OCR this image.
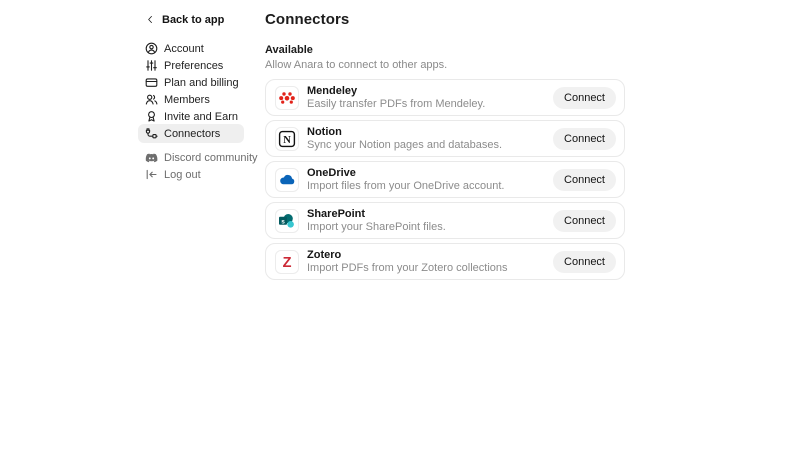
Back to app
Account
Preferences
Plan and billing
Members
Invite and Earn
Connectors
Discord community
Log out
Connectors
Available
Allow Anara to connect to other apps.
Mendeley
Easily transfer PDFs from Mendeley.
Connect
N
Notion
Sync your Notion pages and databases.
Connect
OneDrive
Import files from your OneDrive account.
Connect
s
SharePoint
Import your SharePoint files.
Connect
Z Zotero
Import PDFs from your Zotero collections
Connect
